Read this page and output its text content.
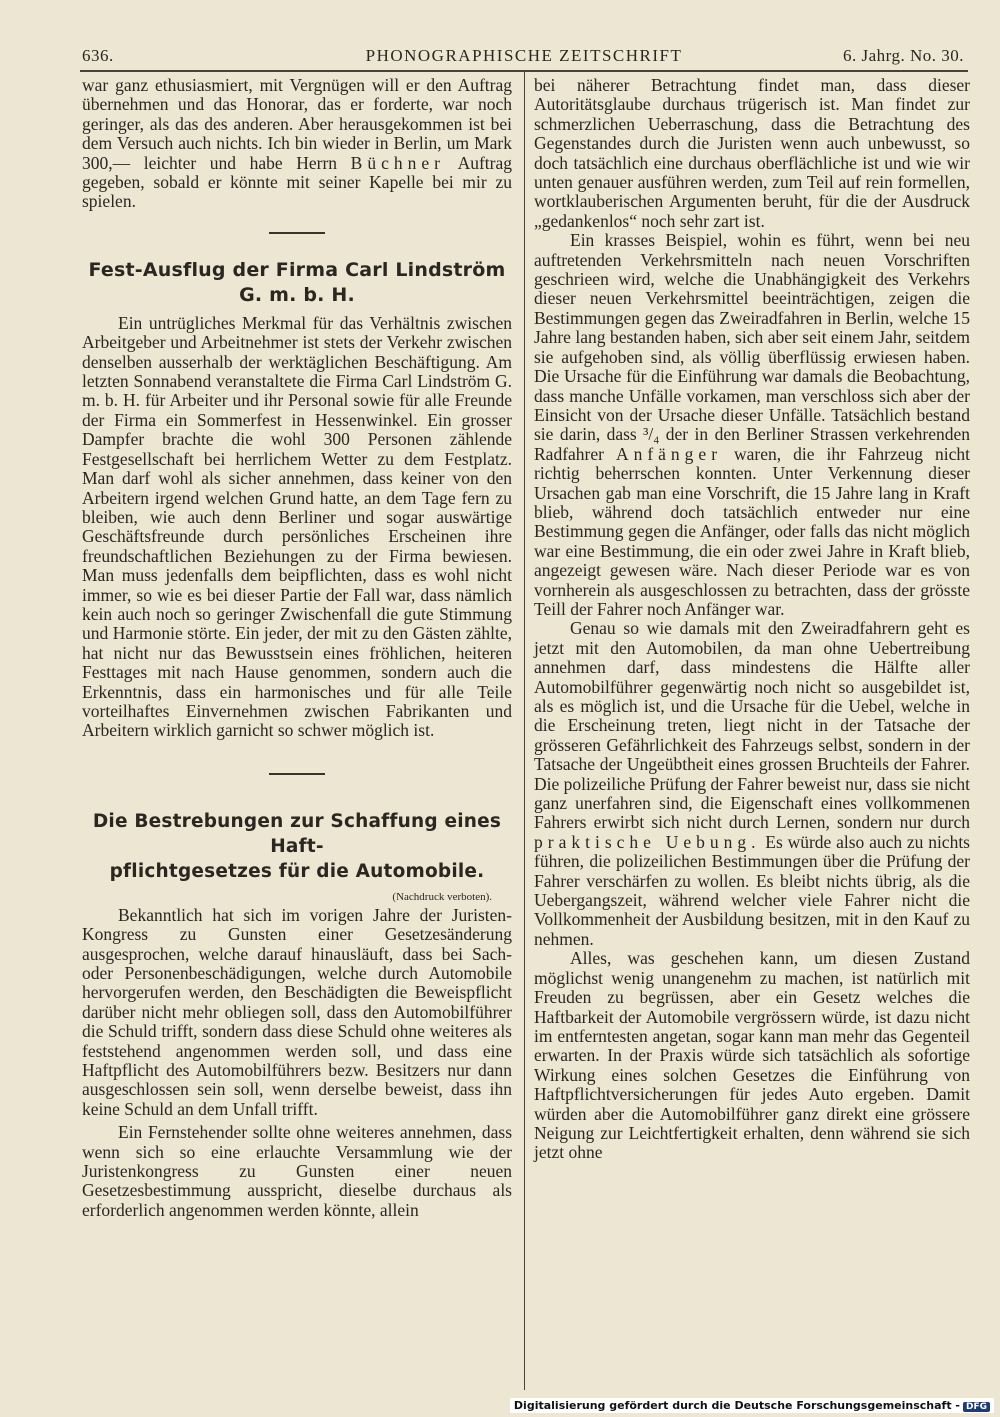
636.	PHONOGRAPHISCHE ZEITSCHRIFT	6. Jahrg. No. 30.

war ganz ethusiasmiert, mit Vergnügen will er den Auftrag übernehmen und das Honorar, das er forderte, war noch geringer, als das des anderen. Aber herausgekommen ist bei dem Versuch auch nichts. Ich bin wieder in Berlin, um Mark 300,— leichter und habe Herrn Büchner Auftrag gegeben, sobald er könnte mit seiner Kapelle bei mir zu spielen.

Fest-Ausflug der Firma Carl Lindström
G. m. b. H.

Ein untrügliches Merkmal für das Verhältnis zwischen Arbeitgeber und Arbeitnehmer ist stets der Verkehr zwischen denselben ausserhalb der werktäglichen Beschäftigung. Am letzten Sonnabend veranstaltete die Firma Carl Lindström G. m. b. H. für Arbeiter und ihr Personal sowie für alle Freunde der Firma ein Sommerfest in Hessenwinkel. Ein grosser Dampfer brachte die wohl 300 Personen zählende Festgesellschaft bei herrlichem Wetter zu dem Festplatz. Man darf wohl als sicher annehmen, dass keiner von den Arbeitern irgend welchen Grund hatte, an dem Tage fern zu bleiben, wie auch denn Berliner und sogar auswärtige Geschäftsfreunde durch persönliches Erscheinen ihre freundschaftlichen Beziehungen zu der Firma bewiesen. Man muss jedenfalls dem beipflichten, dass es wohl nicht immer, so wie es bei dieser Partie der Fall war, dass nämlich kein auch noch so geringer Zwischenfall die gute Stimmung und Harmonie störte. Ein jeder, der mit zu den Gästen zählte, hat nicht nur das Bewusstsein eines fröhlichen, heiteren Festtages mit nach Hause genommen, sondern auch die Erkenntnis, dass ein harmonisches und für alle Teile vorteilhaftes Einvernehmen zwischen Fabrikanten und Arbeitern wirklich garnicht so schwer möglich ist.

Die Bestrebungen zur Schaffung eines Haft-
pflichtgesetzes für die Automobile.
(Nachdruck verboten).

Bekanntlich hat sich im vorigen Jahre der Juristen-Kongress zu Gunsten einer Gesetzesänderung ausgesprochen, welche darauf hinausläuft, dass bei Sach- oder Personenbeschädigungen, welche durch Automobile hervorgerufen werden, den Beschädigten die Beweispflicht darüber nicht mehr obliegen soll, dass den Automobilführer die Schuld trifft, sondern dass diese Schuld ohne weiteres als feststehend angenommen werden soll, und dass eine Haftpflicht des Automobilführers bezw. Besitzers nur dann ausgeschlossen sein soll, wenn derselbe beweist, dass ihn keine Schuld an dem Unfall trifft.

Ein Fernstehender sollte ohne weiteres annehmen, dass wenn sich so eine erlauchte Versammlung wie der Juristenkongress zu Gunsten einer neuen Gesetzesbestimmung ausspricht, dieselbe durchaus als erforderlich angenommen werden könnte, allein

bei näherer Betrachtung findet man, dass dieser Autoritätsglaube durchaus trügerisch ist. Man findet zur schmerzlichen Ueberraschung, dass die Betrachtung des Gegenstandes durch die Juristen wenn auch unbewusst, so doch tatsächlich eine durchaus oberflächliche ist und wie wir unten genauer ausführen werden, zum Teil auf rein formellen, wortklauberischen Argumenten beruht, für die der Ausdruck „gedankenlos“ noch sehr zart ist.

Ein krasses Beispiel, wohin es führt, wenn bei neu auftretenden Verkehrsmitteln nach neuen Vorschriften geschrieen wird, welche die Unabhängigkeit des Verkehrs dieser neuen Verkehrsmittel beeinträchtigen, zeigen die Bestimmungen gegen das Zweiradfahren in Berlin, welche 15 Jahre lang bestanden haben, sich aber seit einem Jahr, seitdem sie aufgehoben sind, als völlig überflüssig erwiesen haben. Die Ursache für die Einführung war damals die Beobachtung, dass manche Unfälle vorkamen, man verschloss sich aber der Einsicht von der Ursache dieser Unfälle. Tatsächlich bestand sie darin, dass ³/₄ der in den Berliner Strassen verkehrenden Radfahrer Anfänger waren, die ihr Fahrzeug nicht richtig beherrschen konnten. Unter Verkennung dieser Ursachen gab man eine Vorschrift, die 15 Jahre lang in Kraft blieb, während doch tatsächlich entweder nur eine Bestimmung gegen die Anfänger, oder falls das nicht möglich war eine Bestimmung, die ein oder zwei Jahre in Kraft blieb, angezeigt gewesen wäre. Nach dieser Periode war es von vornherein als ausgeschlossen zu betrachten, dass der grösste Teill der Fahrer noch Anfänger war.

Genau so wie damals mit den Zweiradfahrern geht es jetzt mit den Automobilen, da man ohne Uebertreibung annehmen darf, dass mindestens die Hälfte aller Automobilführer gegenwärtig noch nicht so ausgebildet ist, als es möglich ist, und die Ursache für die Uebel, welche in die Erscheinung treten, liegt nicht in der Tatsache der grösseren Gefährlichkeit des Fahrzeugs selbst, sondern in der Tatsache der Ungeübtheit eines grossen Bruchteils der Fahrer. Die polizeiliche Prüfung der Fahrer beweist nur, dass sie nicht ganz unerfahren sind, die Eigenschaft eines vollkommenen Fahrers erwirbt sich nicht durch Lernen, sondern nur durch praktische Uebung. Es würde also auch zu nichts führen, die polizeilichen Bestimmungen über die Prüfung der Fahrer verschärfen zu wollen. Es bleibt nichts übrig, als die Uebergangszeit, während welcher viele Fahrer nicht die Vollkommenheit der Ausbildung besitzen, mit in den Kauf zu nehmen.

Alles, was geschehen kann, um diesen Zustand möglichst wenig unangenehm zu machen, ist natürlich mit Freuden zu begrüssen, aber ein Gesetz welches die Haftbarkeit der Automobile vergrössern würde, ist dazu nicht im entferntesten angetan, sogar kann man mehr das Gegenteil erwarten. In der Praxis würde sich tatsächlich als sofortige Wirkung eines solchen Gesetzes die Einführung von Haftpflichtversicherungen für jedes Auto ergeben. Damit würden aber die Automobilführer ganz direkt eine grössere Neigung zur Leichtfertigkeit erhalten, denn während sie sich jetzt ohne

Digitalisierung gefördert durch die Deutsche Forschungsgemeinschaft - DFG
